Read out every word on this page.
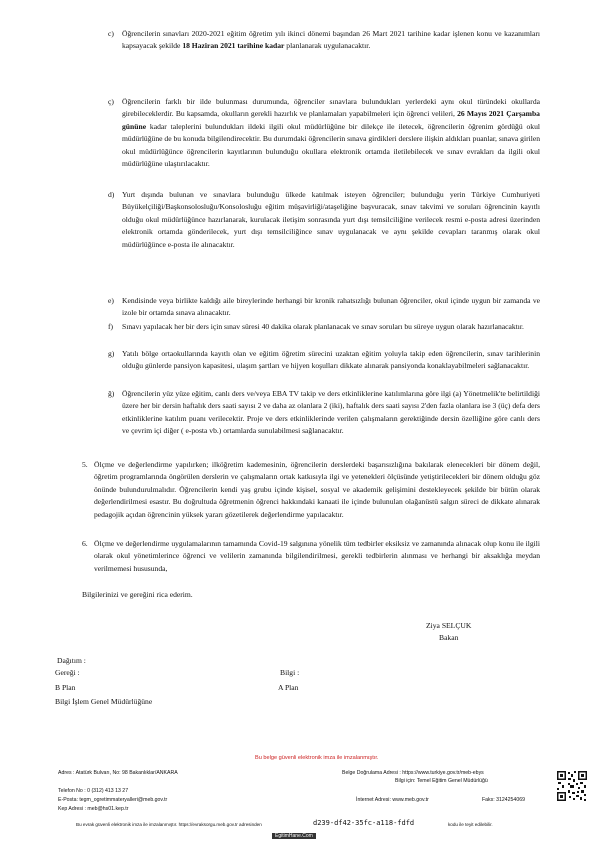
c)	Öğrencilerin sınavları 2020-2021 eğitim öğretim yılı ikinci dönemi başından 26 Mart 2021 tarihine kadar işlenen konu ve kazanımları kapsayacak şekilde 18 Haziran 2021 tarihine kadar planlanarak uygulanacaktır.
ç)	Öğrencilerin farklı bir ilde bulunması durumunda, öğrenciler sınavlara bulundukları yerlerdeki aynı okul türündeki okullarda girebileceklerdir. Bu kapsamda, okulların gerekli hazırlık ve planlamaları yapabilmeleri için öğrenci velileri, 26 Mayıs 2021 Çarşamba gününe kadar taleplerini bulundukları ildeki ilgili okul müdürlüğüne bir dilekçe ile iletecek, öğrencilerin öğrenim gördüğü okul müdürlüğüne de bu konuda bilgilendirecektir. Bu durumdaki öğrencilerin sınava girdikleri derslere ilişkin aldıkları puanlar, sınava girilen okul müdürlüğünce öğrencilerin kayıtlarının bulunduğu okullara elektronik ortamda iletilebilecek ve sınav evrakları da ilgili okul müdürlüğüne ulaştırılacaktır.
d)	Yurt dışında bulunan ve sınavlara bulunduğu ülkede katılmak isteyen öğrenciler; bulunduğu yerin Türkiye Cumhuriyeti Büyükelçiliği/Başkonsolosluğu/Konsolosluğu eğitim müşavirliği/ataşeliğine başvuracak, sınav takvimi ve soruları öğrencinin kayıtlı olduğu okul müdürlüğünce hazırlanarak, kurulacak iletişim sonrasında yurt dışı temsilciliğine verilecek resmi e-posta adresi üzerinden elektronik ortamda gönderilecek, yurt dışı temsilciliğince sınav uygulanacak ve aynı şekilde cevapları taranmış olarak okul müdürlüğünce e-posta ile alınacaktır.
e)	Kendisinde veya birlikte kaldığı aile bireylerinde herhangi bir kronik rahatsızlığı bulunan öğrenciler, okul içinde uygun bir zamanda ve izole bir ortamda sınava alınacaktır.
f)	Sınavı yapılacak her bir ders için sınav süresi 40 dakika olarak planlanacak ve sınav soruları bu süreye uygun olarak hazırlanacaktır.
g)	Yatılı bölge ortaokullarında kayıtlı olan ve eğitim öğretim sürecini uzaktan eğitim yoluyla takip eden öğrencilerin, sınav tarihlerinin olduğu günlerde pansiyon kapasitesi, ulaşım şartları ve hijyen koşulları dikkate alınarak pansiyonda konaklayabilmeleri sağlanacaktır.
ğ)	Öğrencilerin yüz yüze eğitim, canlı ders ve/veya EBA TV takip ve ders etkinliklerine katılımlarına göre ilgi (a) Yönetmelik'te belirtildiği üzere her bir dersin haftalık ders saati sayısı 2 ve daha az olanlara 2 (iki), haftalık ders saati sayısı 2'den fazla olanlara ise 3 (üç) defa ders etkinliklerine katılım puanı verilecektir. Proje ve ders etkinliklerinde verilen çalışmaların gerektiğinde dersin özelliğine göre canlı ders ve çevrim içi diğer ( e-posta vb.) ortamlarda sunulabilmesi sağlanacaktır.
5. Ölçme ve değerlendirme yapılırken; ilköğretim kademesinin, öğrencilerin derslerdeki başarısızlığına bakılarak elenecekleri bir dönem değil, öğretim programlarında öngörülen derslerin ve çalışmaların ortak katkısıyla ilgi ve yetenekleri ölçüsünde yetiştirilecekleri bir dönem olduğu göz önünde bulundurulmalıdır. Öğrencilerin kendi yaş grubu içinde kişisel, sosyal ve akademik gelişimini destekleyecek şekilde bir bütün olarak değerlendirilmesi esastır. Bu doğrultuda öğretmenin öğrenci hakkındaki kanaati ile içinde bulunulan olağanüstü salgın süreci de dikkate alınarak pedagojik açıdan öğrencinin yüksek yararı gözetilerek değerlendirme yapılacaktır.
6. Ölçme ve değerlendirme uygulamalarının tamamında Covid-19 salgınına yönelik tüm tedbirler eksiksiz ve zamanında alınacak olup konu ile ilgili olarak okul yönetimlerince öğrenci ve velilerin zamanında bilgilendirilmesi, gerekli tedbirlerin alınması ve herhangi bir aksaklığa meydan verilmemesi hususunda,
Bilgilerinizi ve gereğini rica ederim.
Ziya SELÇUK
Bakan
Dağıtım :
Gereği :	Bilgi :
B Plan	A Plan
Bilgi İşlem Genel Müdürlüğüne
Bu belge güvenli elektronik imza ile imzalanmıştır.
Adres : Atatürk Bulvarı, No: 98 Bakanlıklar/ANKARA	Belge Doğrulama Adresi : https://www.turkiye.gov.tr/meb-ebys
Bilgi için: Temel Eğitim Genel Müdürlüğü
Telefon No : 0 (312) 413 13 27
E-Posta: tegm_ogretimmateryalleri@meb.gov.tr	İnternet Adresi: www.meb.gov.tr	Faks: 3124254069
Kep Adresi : meb@hs01.kep.tr
Bu evrak güvenli elektronik imza ile imzalanmıştır. https://evraksorgu.meb.gov.tr adresinden	d239-df42-35fc-a118-fdfd	kodu ile teyit edilebilir.
EgitimHane.Com
